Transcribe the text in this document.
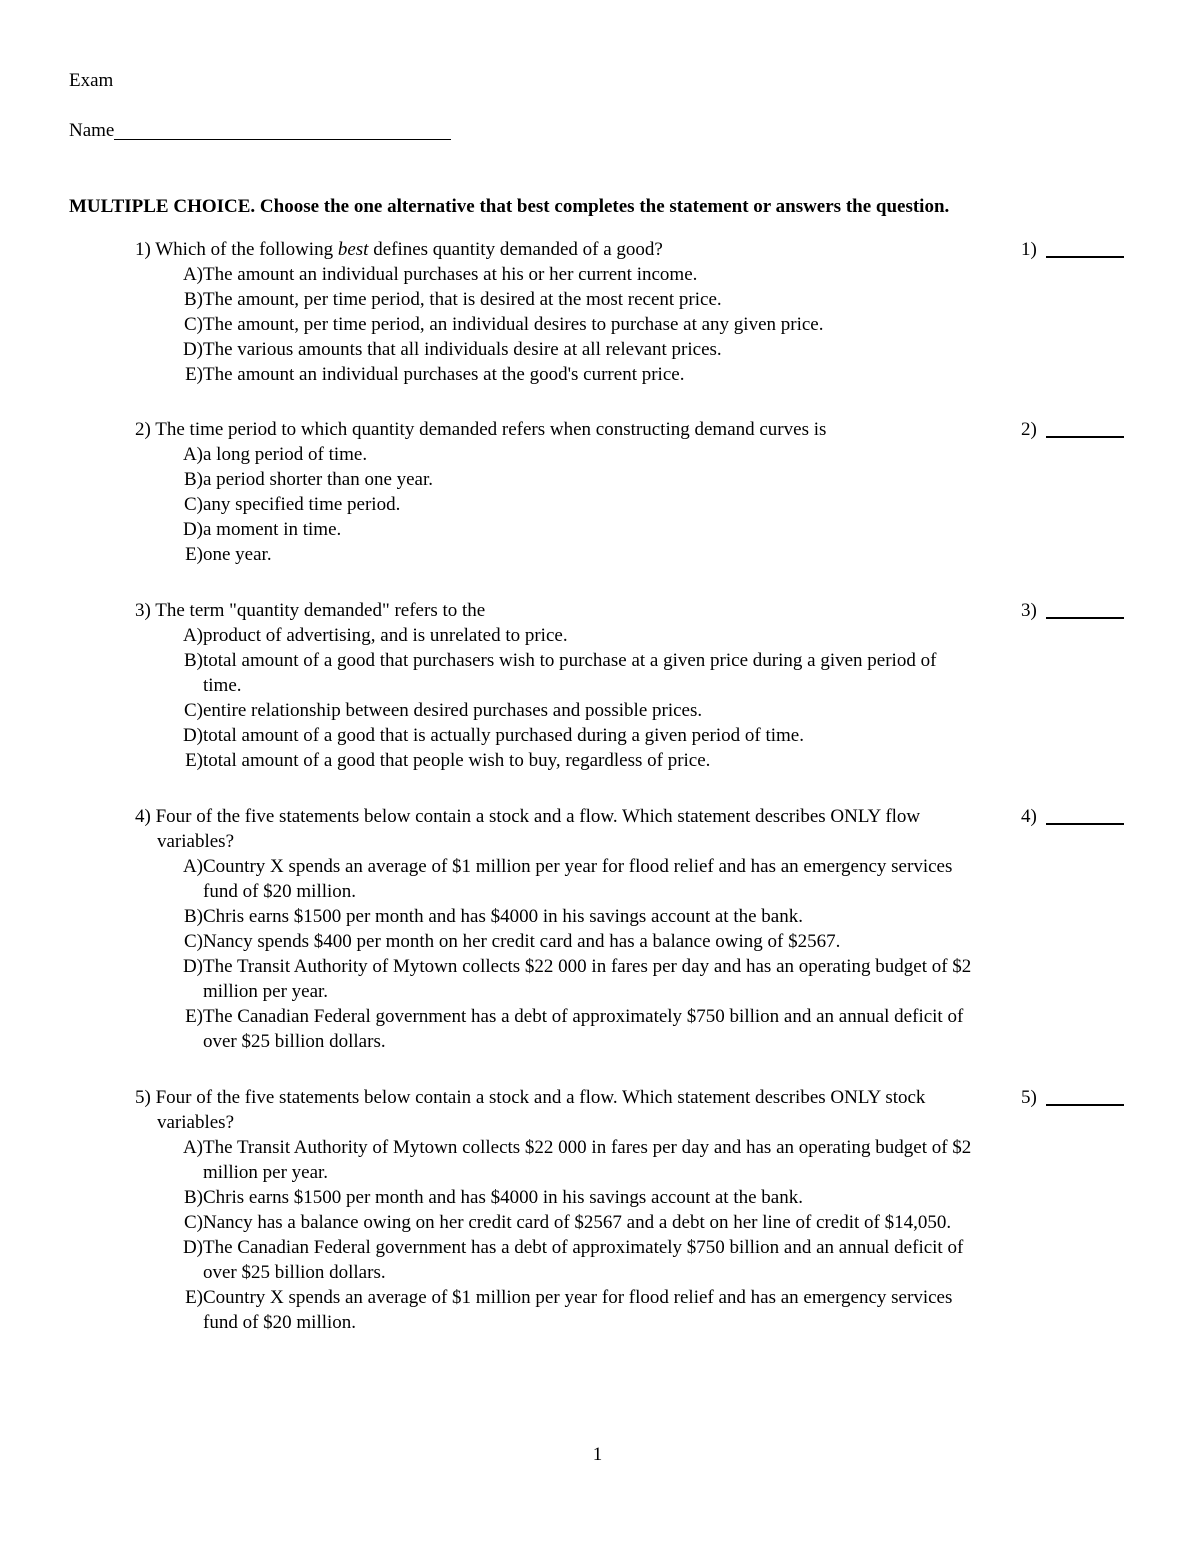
Exam
Name
MULTIPLE CHOICE. Choose the one alternative that best completes the statement or answers the question.
1) Which of the following best defines quantity demanded of a good?
A) The amount an individual purchases at his or her current income.
B) The amount, per time period, that is desired at the most recent price.
C) The amount, per time period, an individual desires to purchase at any given price.
D) The various amounts that all individuals desire at all relevant prices.
E) The amount an individual purchases at the good's current price.
1)
2) The time period to which quantity demanded refers when constructing demand curves is
A) a long period of time.
B) a period shorter than one year.
C) any specified time period.
D) a moment in time.
E) one year.
2)
3) The term "quantity demanded" refers to the
A) product of advertising, and is unrelated to price.
B) total amount of a good that purchasers wish to purchase at a given price during a given period of time.
C) entire relationship between desired purchases and possible prices.
D) total amount of a good that is actually purchased during a given period of time.
E) total amount of a good that people wish to buy, regardless of price.
3)
4) Four of the five statements below contain a stock and a flow. Which statement describes ONLY flow variables?
A) Country X spends an average of $1 million per year for flood relief and has an emergency services fund of $20 million.
B) Chris earns $1500 per month and has $4000 in his savings account at the bank.
C) Nancy spends $400 per month on her credit card and has a balance owing of $2567.
D) The Transit Authority of Mytown collects $22 000 in fares per day and has an operating budget of $2 million per year.
E) The Canadian Federal government has a debt of approximately $750 billion and an annual deficit of over $25 billion dollars.
4)
5) Four of the five statements below contain a stock and a flow. Which statement describes ONLY stock variables?
A) The Transit Authority of Mytown collects $22 000 in fares per day and has an operating budget of $2 million per year.
B) Chris earns $1500 per month and has $4000 in his savings account at the bank.
C) Nancy has a balance owing on her credit card of $2567 and a debt on her line of credit of $14,050.
D) The Canadian Federal government has a debt of approximately $750 billion and an annual deficit of over $25 billion dollars.
E) Country X spends an average of $1 million per year for flood relief and has an emergency services fund of $20 million.
5)
1
